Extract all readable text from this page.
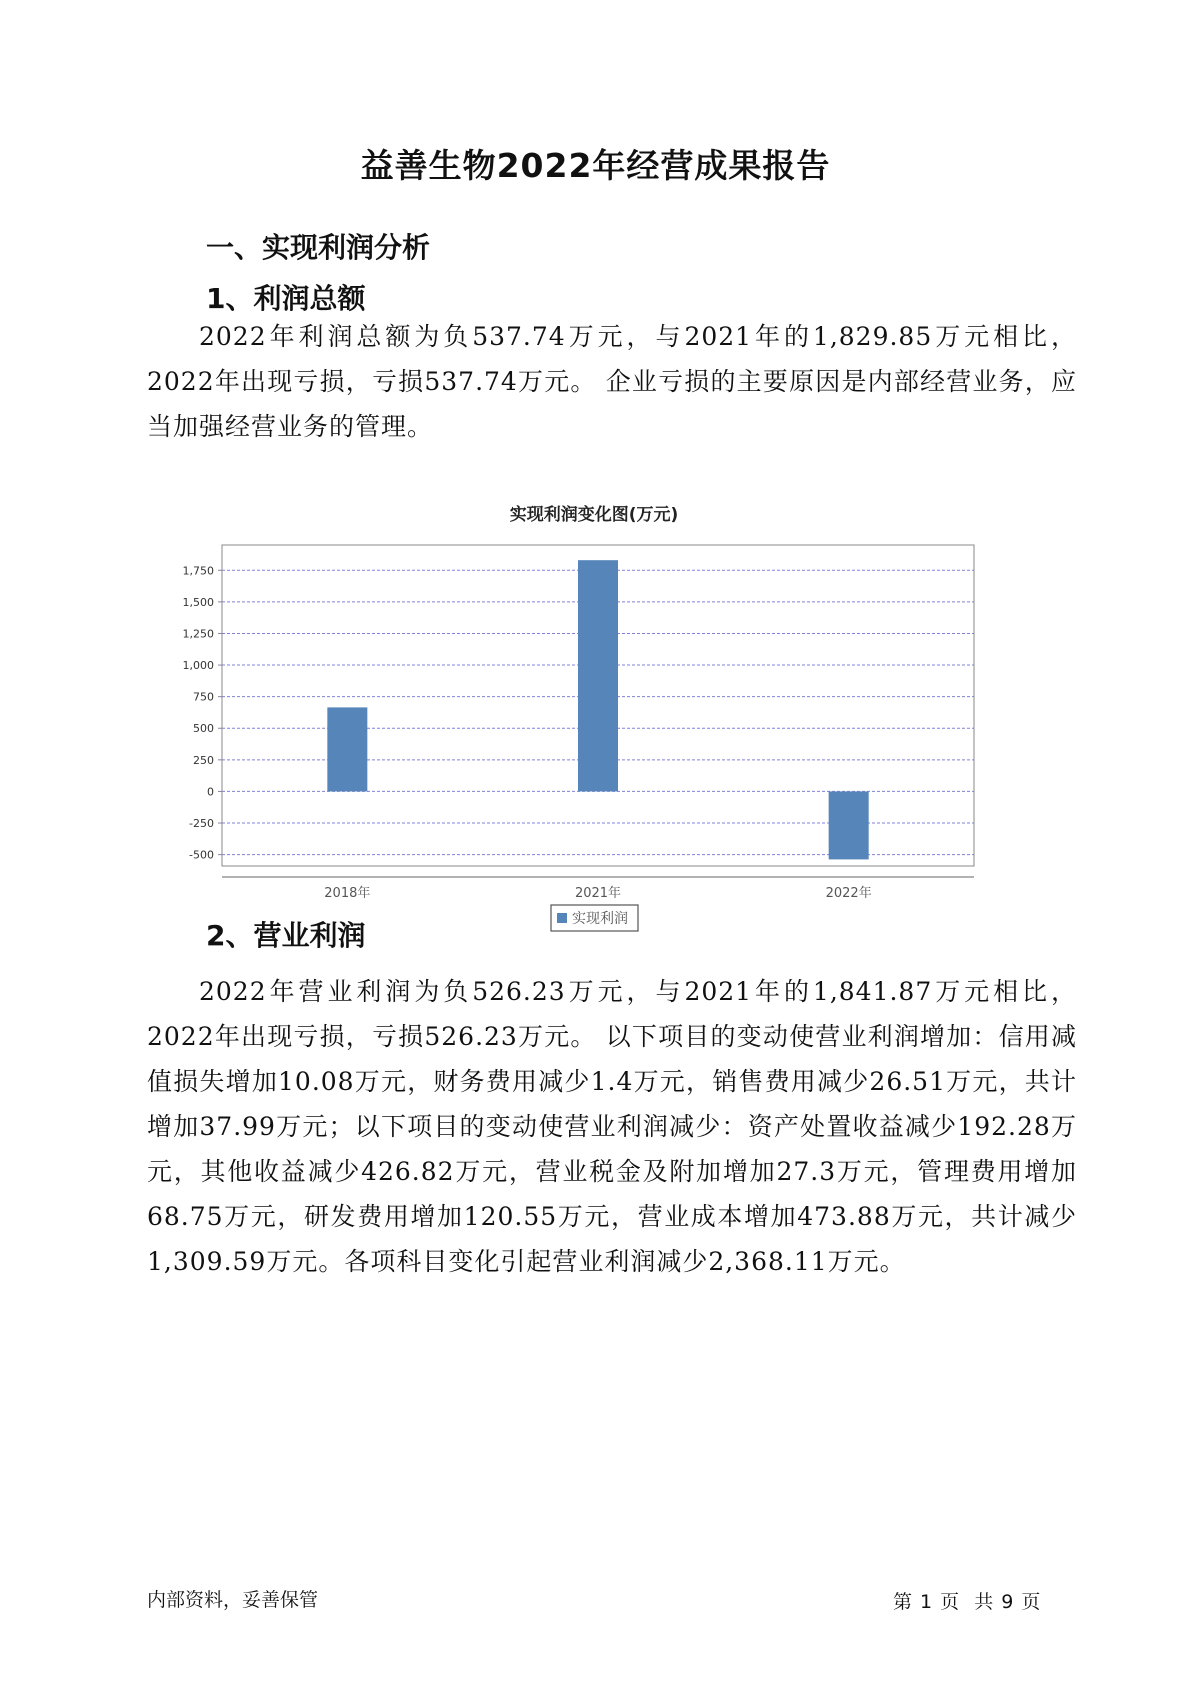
益善生物2022年经营成果报告
一、实现利润分析
1、利润总额

2022年利润总额为负537.74万元，与2021年的1,829.85万元相比，2022年出现亏损，亏损537.74万元。 企业亏损的主要原因是内部经营业务，应当加强经营业务的管理。

实现利润变化图(万元)
1,750
1,500
1,250
1,000
750
500
250
0
-250
-500
2018年	2021年	2022年
实现利润
2、营业利润

2022年营业利润为负526.23万元，与2021年的1,841.87万元相比，2022年出现亏损，亏损526.23万元。 以下项目的变动使营业利润增加：信用减值损失增加10.08万元，财务费用减少1.4万元，销售费用减少26.51万元，共计增加37.99万元；以下项目的变动使营业利润减少：资产处置收益减少192.28万元，其他收益减少426.82万元，营业税金及附加增加27.3万元，管理费用增加68.75万元，研发费用增加120.55万元，营业成本增加473.88万元，共计减少1,309.59万元。各项科目变化引起营业利润减少2,368.11万元。

内部资料，妥善保管	第 1 页  共 9 页
